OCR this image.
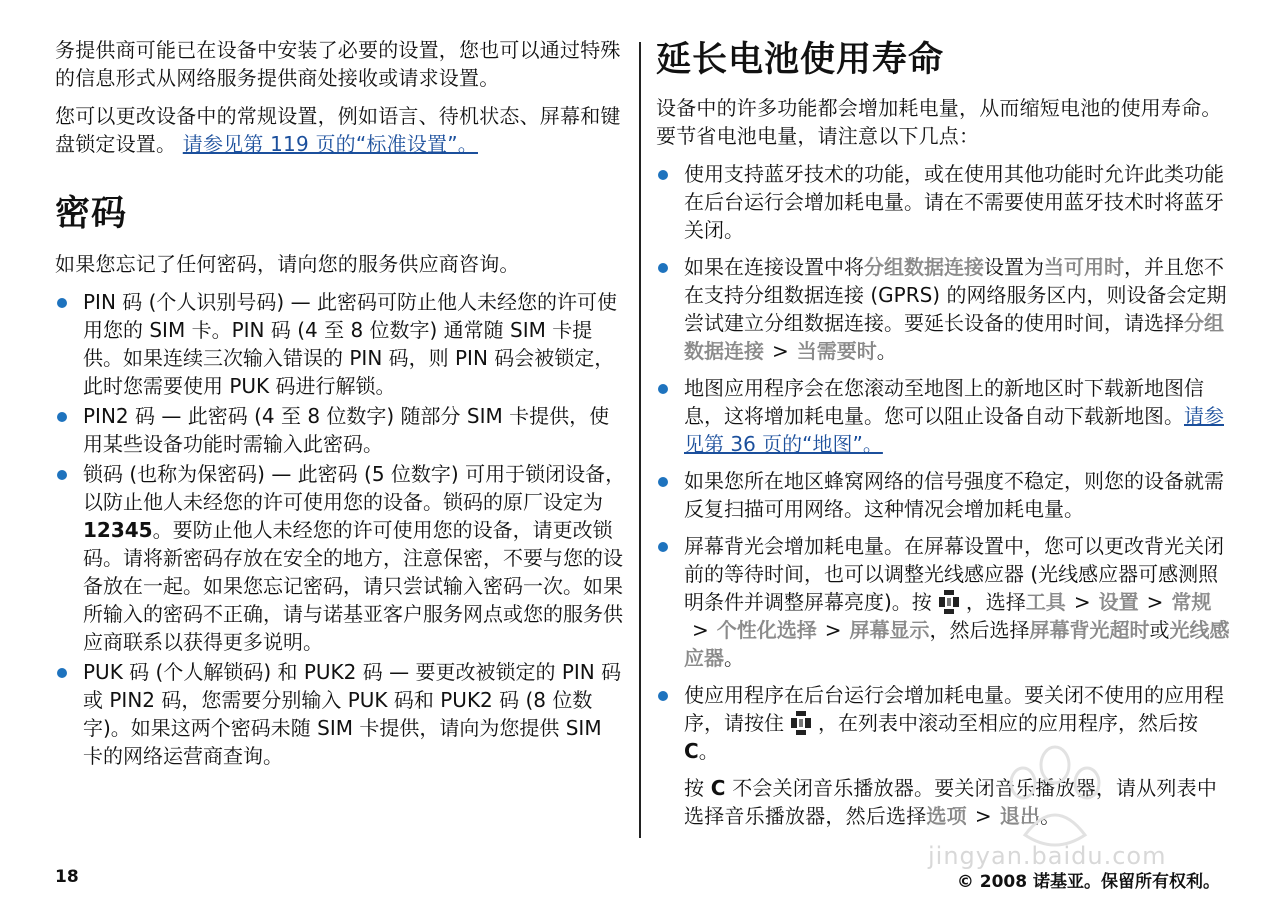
务提供商可能已在设备中安装了必要的设置，您也可以通过特殊的信息形式从网络服务提供商处接收或请求设置。

您可以更改设备中的常规设置，例如语言、待机状态、屏幕和键盘锁定设置。 请参见第 119 页的“标准设置”。

密码

如果您忘记了任何密码，请向您的服务供应商咨询。

PIN 码 (个人识别号码) — 此密码可防止他人未经您的许可使用您的 SIM 卡。PIN 码 (4 至 8 位数字) 通常随 SIM 卡提供。如果连续三次输入错误的 PIN 码，则 PIN 码会被锁定，此时您需要使用 PUK 码进行解锁。
PIN2 码 — 此密码 (4 至 8 位数字) 随部分 SIM 卡提供，使用某些设备功能时需输入此密码。
锁码 (也称为保密码) — 此密码 (5 位数字) 可用于锁闭设备，以防止他人未经您的许可使用您的设备。锁码的原厂设定为 12345。要防止他人未经您的许可使用您的设备，请更改锁码。请将新密码存放在安全的地方，注意保密，不要与您的设备放在一起。如果您忘记密码，请只尝试输入密码一次。如果所输入的密码不正确，请与诺基亚客户服务网点或您的服务供应商联系以获得更多说明。
PUK 码 (个人解锁码) 和 PUK2 码 — 要更改被锁定的 PIN 码或 PIN2 码，您需要分别输入 PUK 码和 PUK2 码 (8 位数字)。如果这两个密码未随 SIM 卡提供，请向为您提供 SIM 卡的网络运营商查询。
延长电池使用寿命

设备中的许多功能都会增加耗电量，从而缩短电池的使用寿命。要节省电池电量，请注意以下几点：

使用支持蓝牙技术的功能，或在使用其他功能时允许此类功能在后台运行会增加耗电量。请在不需要使用蓝牙技术时将蓝牙关闭。
如果在连接设置中将分组数据连接设置为当可用时，并且您不在支持分组数据连接 (GPRS) 的网络服务区内，则设备会定期尝试建立分组数据连接。要延长设备的使用时间，请选择分组数据连接 > 当需要时。
地图应用程序会在您滚动至地图上的新地区时下载新地图信息，这将增加耗电量。您可以阻止设备自动下载新地图。请参见第 36 页的“地图”。
如果您所在地区蜂窝网络的信号强度不稳定，则您的设备就需反复扫描可用网络。这种情况会增加耗电量。
屏幕背光会增加耗电量。在屏幕设置中，您可以更改背光关闭前的等待时间，也可以调整光线感应器 (光线感应器可感测照明条件并调整屏幕亮度)。按 ，选择工具 > 设置 > 常规> 个性化选择 > 屏幕显示，然后选择屏幕背光超时或光线感应器。
使应用程序在后台运行会增加耗电量。要关闭不使用的应用程序，请按住 ，在列表中滚动至相应的应用程序，然后按 C。

按 C 不会关闭音乐播放器。要关闭音乐播放器，请从列表中选择音乐播放器，然后选择选项 > 退出。

jingyan.baidu.com
18	© 2008 诺基亚。保留所有权利。
